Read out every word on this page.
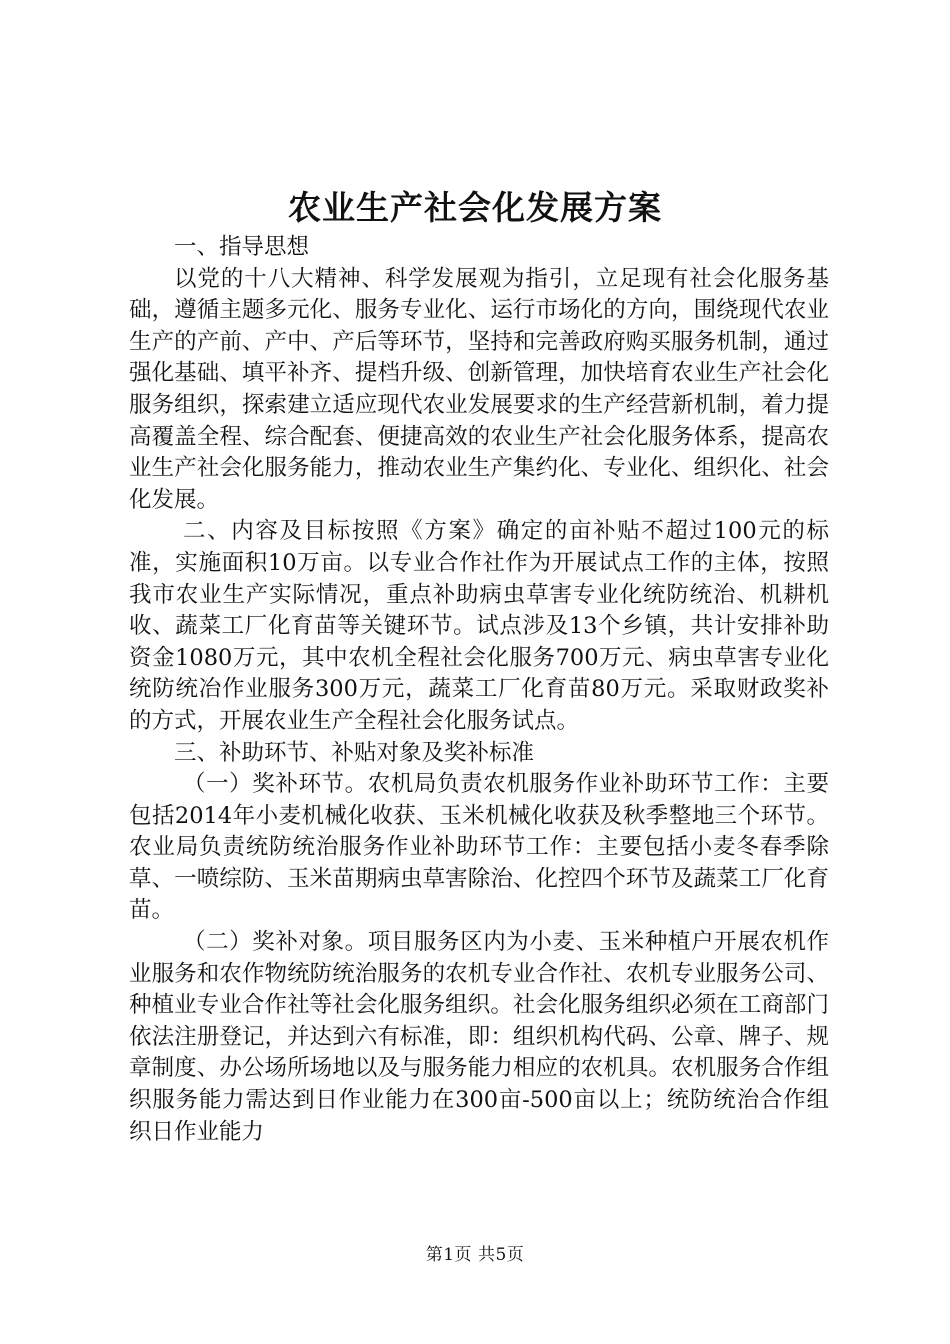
农业生产社会化发展方案

一、指导思想

以党的十八大精神、科学发展观为指引，立足现有社会化服务基础，遵循主题多元化、服务专业化、运行市场化的方向，围绕现代农业生产的产前、产中、产后等环节，坚持和完善政府购买服务机制，通过强化基础、填平补齐、提档升级、创新管理，加快培育农业生产社会化服务组织，探索建立适应现代农业发展要求的生产经营新机制，着力提高覆盖全程、综合配套、便捷高效的农业生产社会化服务体系，提高农业生产社会化服务能力，推动农业生产集约化、专业化、组织化、社会化发展。

二、内容及目标按照《方案》确定的亩补贴不超过100元的标准，实施面积10万亩。以专业合作社作为开展试点工作的主体，按照我市农业生产实际情况，重点补助病虫草害专业化统防统治、机耕机收、蔬菜工厂化育苗等关键环节。试点涉及13个乡镇，共计安排补助资金1080万元，其中农机全程社会化服务700万元、病虫草害专业化统防统冶作业服务300万元，蔬菜工厂化育苗80万元。采取财政奖补的方式，开展农业生产全程社会化服务试点。

三、补助环节、补贴对象及奖补标准

（一）奖补环节。农机局负责农机服务作业补助环节工作：主要包括2014年小麦机械化收获、玉米机械化收获及秋季整地三个环节。农业局负责统防统治服务作业补助环节工作：主要包括小麦冬春季除草、一喷综防、玉米苗期病虫草害除治、化控四个环节及蔬菜工厂化育苗。

（二）奖补对象。项目服务区内为小麦、玉米种植户开展农机作业服务和农作物统防统治服务的农机专业合作社、农机专业服务公司、种植业专业合作社等社会化服务组织。社会化服务组织必须在工商部门依法注册登记，并达到六有标准，即：组织机构代码、公章、牌子、规章制度、办公场所场地以及与服务能力相应的农机具。农机服务合作组织服务能力需达到日作业能力在300亩-500亩以上；统防统治合作组织日作业能力

第1页 共5页
